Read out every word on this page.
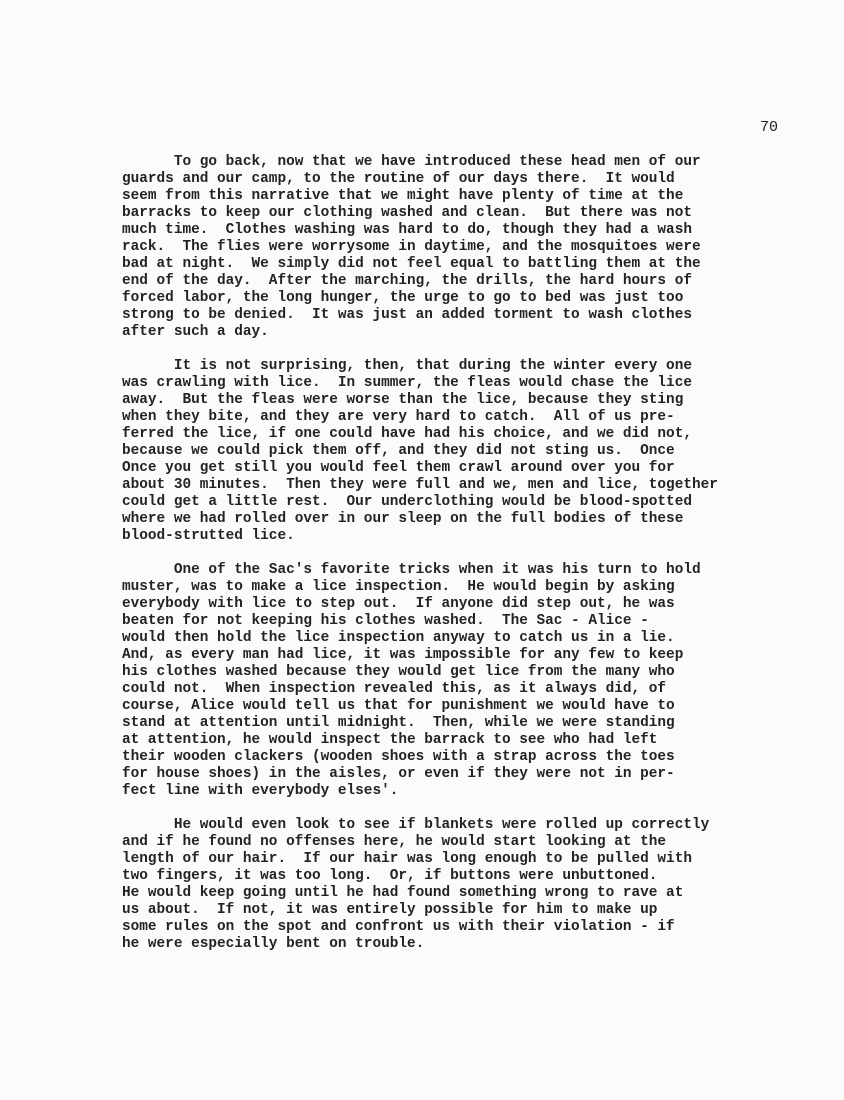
70
To go back, now that we have introduced these head men of our
guards and our camp, to the routine of our days there.  It would
seem from this narrative that we might have plenty of time at the
barracks to keep our clothing washed and clean.  But there was not
much time.  Clothes washing was hard to do, though they had a wash
rack.  The flies were worrysome in daytime, and the mosquitoes were
bad at night.  We simply did not feel equal to battling them at the
end of the day.  After the marching, the drills, the hard hours of
forced labor, the long hunger, the urge to go to bed was just too
strong to be denied.  It was just an added torment to wash clothes
after such a day.
It is not surprising, then, that during the winter every one
was crawling with lice.  In summer, the fleas would chase the lice
away.  But the fleas were worse than the lice, because they sting
when they bite, and they are very hard to catch.  All of us pre-
ferred the lice, if one could have had his choice, and we did not,
because we could pick them off, and they did not sting us.  Once
Once you get still you would feel them crawl around over you for
about 30 minutes.  Then they were full and we, men and lice, together
could get a little rest.  Our underclothing would be blood-spotted
where we had rolled over in our sleep on the full bodies of these
blood-strutted lice.
One of the Sac's favorite tricks when it was his turn to hold
muster, was to make a lice inspection.  He would begin by asking
everybody with lice to step out.  If anyone did step out, he was
beaten for not keeping his clothes washed.  The Sac - Alice -
would then hold the lice inspection anyway to catch us in a lie.
And, as every man had lice, it was impossible for any few to keep
his clothes washed because they would get lice from the many who
could not.  When inspection revealed this, as it always did, of
course, Alice would tell us that for punishment we would have to
stand at attention until midnight.  Then, while we were standing
at attention, he would inspect the barrack to see who had left
their wooden clackers (wooden shoes with a strap across the toes
for house shoes) in the aisles, or even if they were not in per-
fect line with everybody elses'.
He would even look to see if blankets were rolled up correctly
and if he found no offenses here, he would start looking at the
length of our hair.  If our hair was long enough to be pulled with
two fingers, it was too long.  Or, if buttons were unbuttoned.
He would keep going until he had found something wrong to rave at
us about.  If not, it was entirely possible for him to make up
some rules on the spot and confront us with their violation - if
he were especially bent on trouble.
